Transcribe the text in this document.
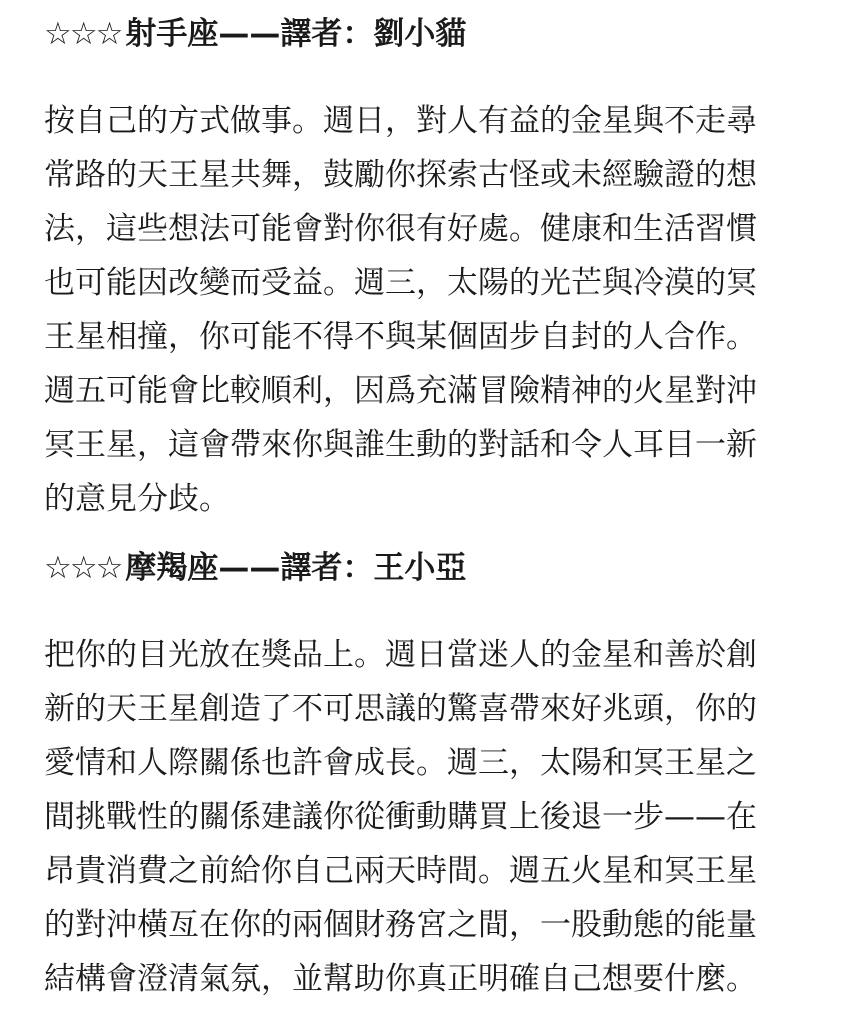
☆☆☆ 射手座——譯者：劉小貓

按自己的方式做事。週日，對人有益的金星與不走尋
常路的天王星共舞，鼓勵你探索古怪或未經驗證的想
法，這些想法可能會對你很有好處。健康和生活習慣
也可能因改變而受益。週三，太陽的光芒與冷漠的冥
王星相撞，你可能不得不與某個固步自封的人合作。
週五可能會比較順利，因爲充滿冒險精神的火星對沖
冥王星，這會帶來你與誰生動的對話和令人耳目一新
的意見分歧。

☆☆☆ 摩羯座——譯者：王小亞

把你的目光放在獎品上。週日當迷人的金星和善於創
新的天王星創造了不可思議的驚喜帶來好兆頭，你的
愛情和人際關係也許會成長。週三，太陽和冥王星之
間挑戰性的關係建議你從衝動購買上後退一步——在
昂貴消費之前給你自己兩天時間。週五火星和冥王星
的對沖橫亙在你的兩個財務宮之間，一股動態的能量
結構會澄清氣氛，並幫助你真正明確自己想要什麼。
